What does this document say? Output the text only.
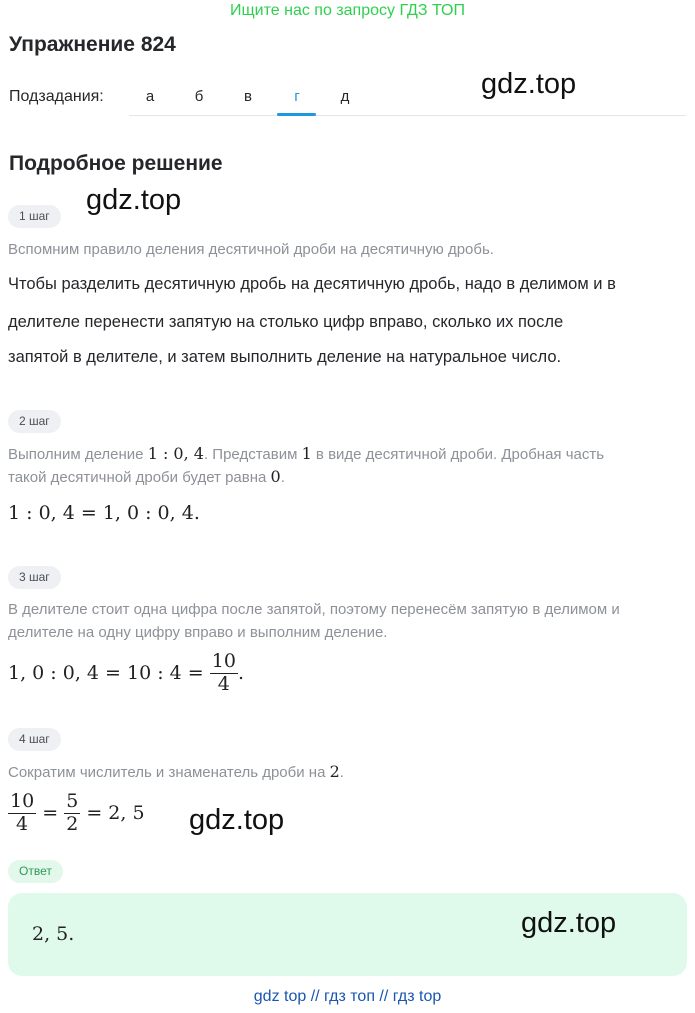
Ищите нас по запросу ГДЗ ТОП
Упражнение 824
Подзадания:	а	б	в	г	д	gdz.top
Подробное решение
gdz.top
1 шаг
Вспомним правило деления десятичной дроби на десятичную дробь.
Чтобы разделить десятичную дробь на десятичную дробь, надо в делимом и в
делителе перенести запятую на столько цифр вправо, сколько их после
запятой в делителе, и затем выполнить деление на натуральное число.
2 шаг
Выполним деление 1 : 0, 4. Представим 1 в виде десятичной дроби. Дробная часть
такой десятичной дроби будет равна 0.
1 : 0, 4 = 1, 0 : 0, 4.
3 шаг
В делителе стоит одна цифра после запятой, поэтому перенесём запятую в делимом и
делителе на одну цифру вправо и выполним деление.
1, 0 : 0, 4 = 10 : 4 =
$\frac{10}{4}$ .
4 шаг
Сократим числитель и знаменатель дроби на 2.
$\frac{10}{4}$
=
$\frac{5}{2}$
= 2, 5 gdz.top
Ответ
2, 5.	gdz.top
gdz top // гдз топ // гдз top
